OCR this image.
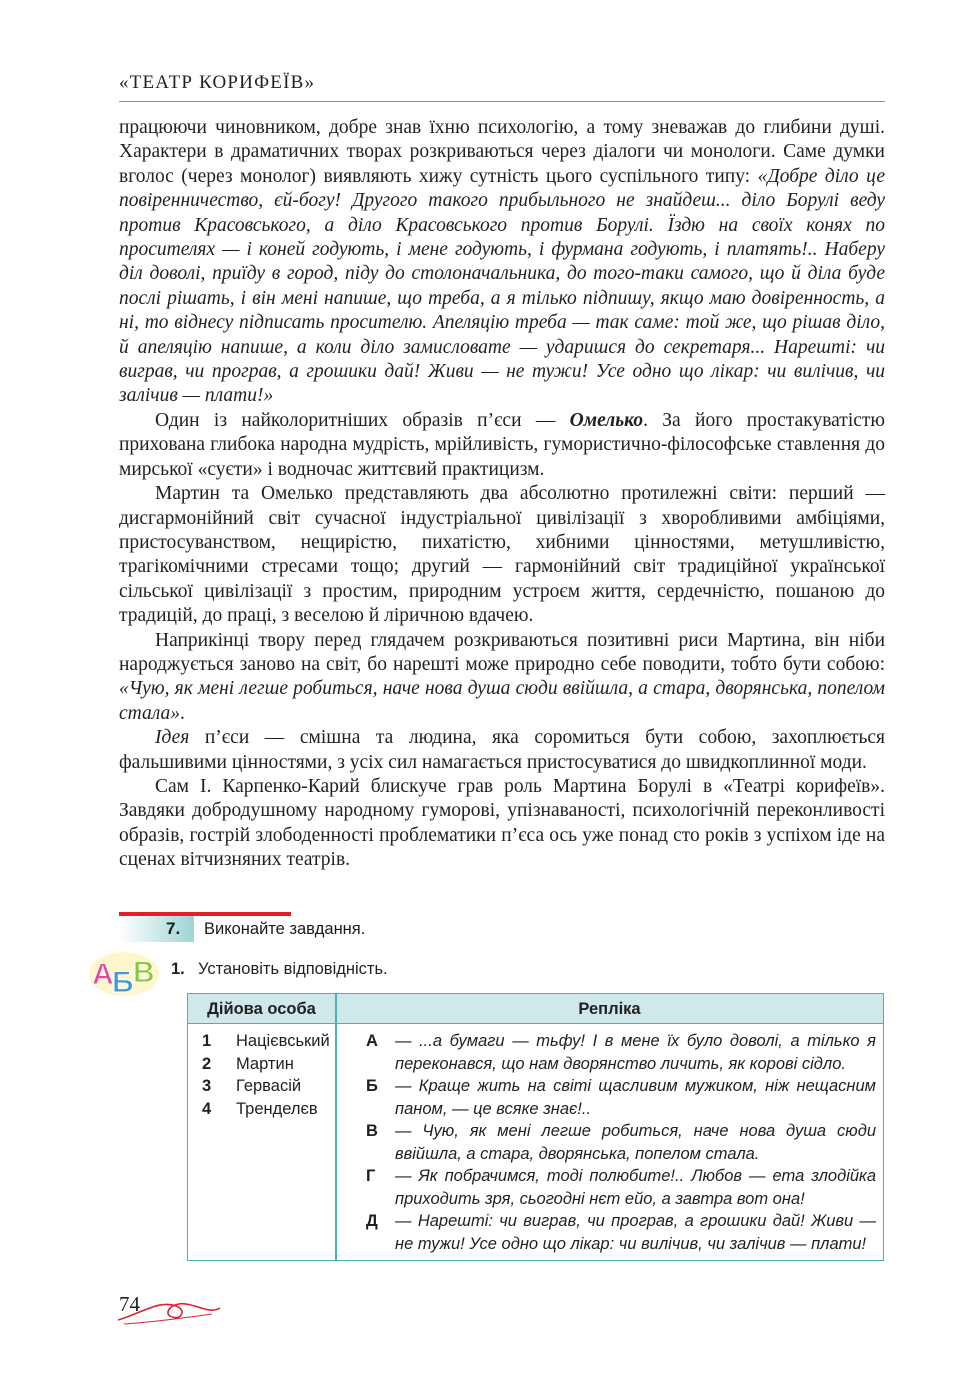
«ТЕАТР КОРИФЕЇВ»

працюючи чиновником, добре знав їхню психологію, а тому зневажав до глибини душі. Характери в драматичних творах розкриваються через діалоги чи монологи. Саме думки вголос (через монолог) виявляють хижу сутність цього суспільного типу: «Добре діло це повіренничество, єй-богу! Другого такого прибыльного не знайдеш... діло Борулі веду против Красовського, а діло Красовського против Борулі. Їздю на своїх конях по просителях — і коней годують, і мене годують, і фурмана годують, і платять!.. Наберу діл доволі, приїду в город, піду до столоначальника, до того-таки самого, що й діла буде послі рішать, і він мені напише, що треба, а я тілько підпишу, якщо маю довіренность, а ні, то віднесу підписать просителю. Апеляцію треба — так саме: той же, що рішав діло, й апеляцію напише, а коли діло замисловате — ударишся до секретаря... Нарешті: чи виграв, чи програв, а грошики дай! Живи — не тужи! Усе одно що лікар: чи вилічив, чи залічив — плати!»

Один із найколоритніших образів п’єси — Омелько. За його простакуватістю прихована глибока народна мудрість, мрійливість, гумористично-філософське ставлення до мирської «суєти» і водночас життєвий практицизм.

Мартин та Омелько представляють два абсолютно протилежні світи: перший — дисгармонійний світ сучасної індустріальної цивілізації з хворобливими амбіціями, пристосуванством, нещирістю, пихатістю, хибними цінностями, метушливістю, трагікомічними стресами тощо; другий — гармонійний світ традиційної української сільської цивілізації з простим, природним устроєм життя, сердечністю, пошаною до традицій, до праці, з веселою й ліричною вдачею.

Наприкінці твору перед глядачем розкриваються позитивні риси Мартина, він ніби народжується заново на світ, бо нарешті може природно себе поводити, тобто бути собою: «Чую, як мені легше робиться, наче нова душа сюди ввійшла, а стара, дворянська, попелом стала».

Ідея п’єси — смішна та людина, яка соромиться бути собою, захоплюється фальшивими цінностями, з усіх сил намагається пристосуватися до швидкоплинної моди.

Сам І. Карпенко-Карий блискуче грав роль Мартина Борулі в «Театрі корифеїв». Завдяки добродушному народному гуморові, упізнаваності, психологічній переконливості образів, гострій злободенності проблематики п’єса ось уже понад сто років з успіхом іде на сценах вітчизняних театрів.

7. Виконайте завдання.
А
Б В 1. Установіть відповідність.
Дійова особа	Репліка
1 Націєвський
2 Мартин
3 Гервасій
4 Тренделєв
А — ...а бумаги — тьфу! І в мене їх було доволі, а тілько я переконався, що нам дворянство личить, як корові сідло.
Б — Краще жить на світі щасливим мужиком, ніж нещасним паном, — це всяке знає!..
В — Чую, як мені легше робиться, наче нова душа сюди ввійшла, а стара, дворянська, попелом стала.
Г — Як побрачимся, тоді полюбите!.. Любов — ета злодійка приходить зря, сьогодні нєт ейо, а завтра вот она!
Д — Нарешті: чи виграв, чи програв, а грошики дай! Живи — не тужи! Усе одно що лікар: чи вилічив, чи залічив — плати!
74
